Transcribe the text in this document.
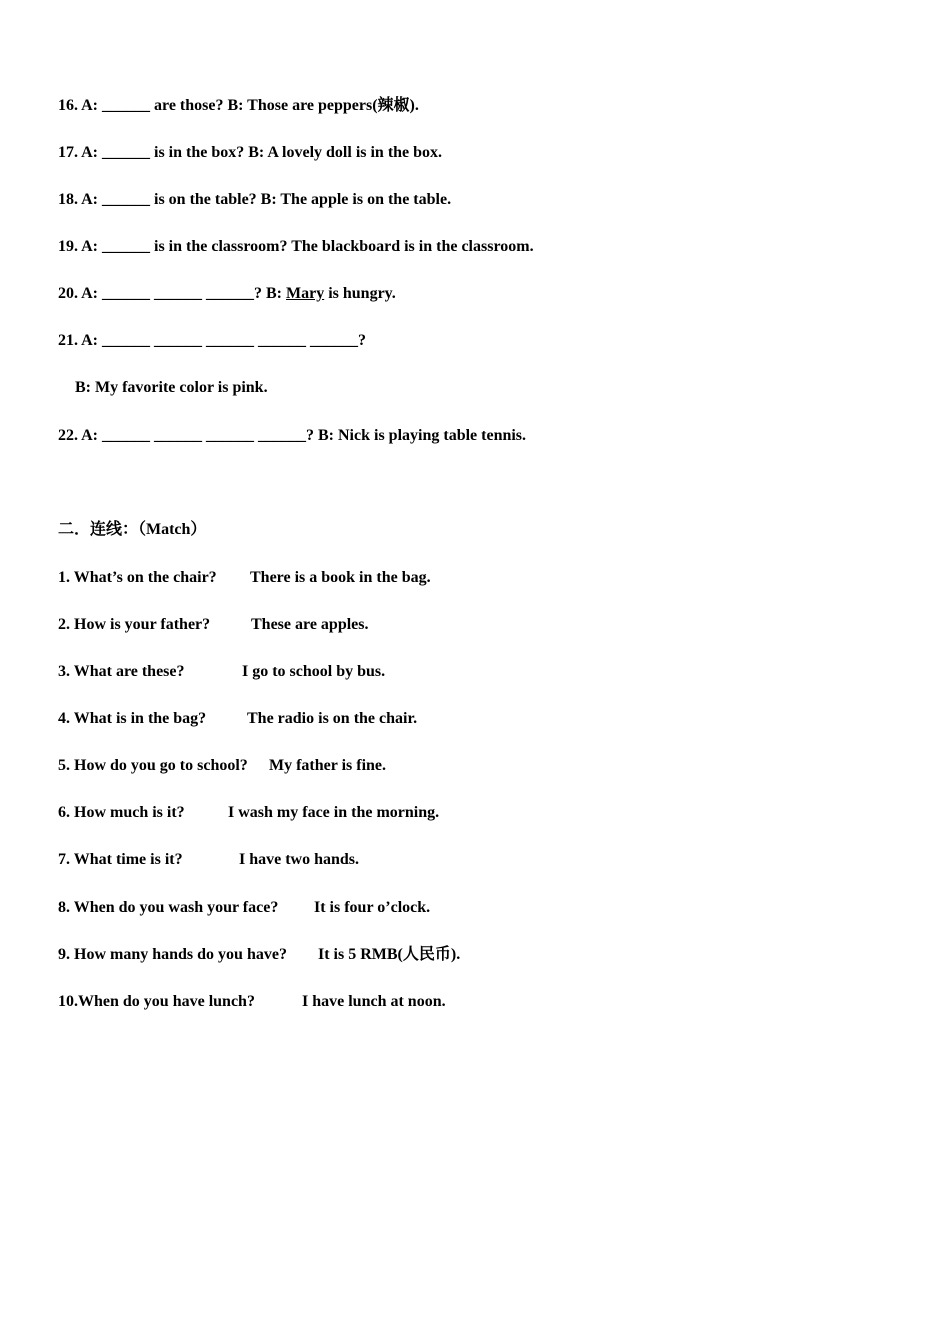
16. A: ______ are those? B: Those are peppers(辣椒).
17. A: ______ is in the box? B: A lovely doll is in the box.
18. A: ______ is on the table? B: The apple is on the table.
19. A: ______ is in the classroom? The blackboard is in the classroom.
20. A: ______ ______ ______? B: Mary is hungry.
21. A: ______ ______ ______ ______ ______?
B: My favorite color is pink.
22. A: ______ ______ ______ ______? B: Nick is playing table tennis.
二．连线：（Match）
1. What’s on the chair? There is a book in the bag.
2. How is your father?	These are apples.
3. What are these?	I go to school by bus.
4. What is in the bag?	The radio is on the chair.
5. How do you go to school? My father is fine.
6. How much is it?	I wash my face in the morning.
7. What time is it?	I have two hands.
8. When do you wash your face? It is four o’clock.
9. How many hands do you have? It is 5 RMB(人民币).
10.When do you have lunch?	I have lunch at noon.
